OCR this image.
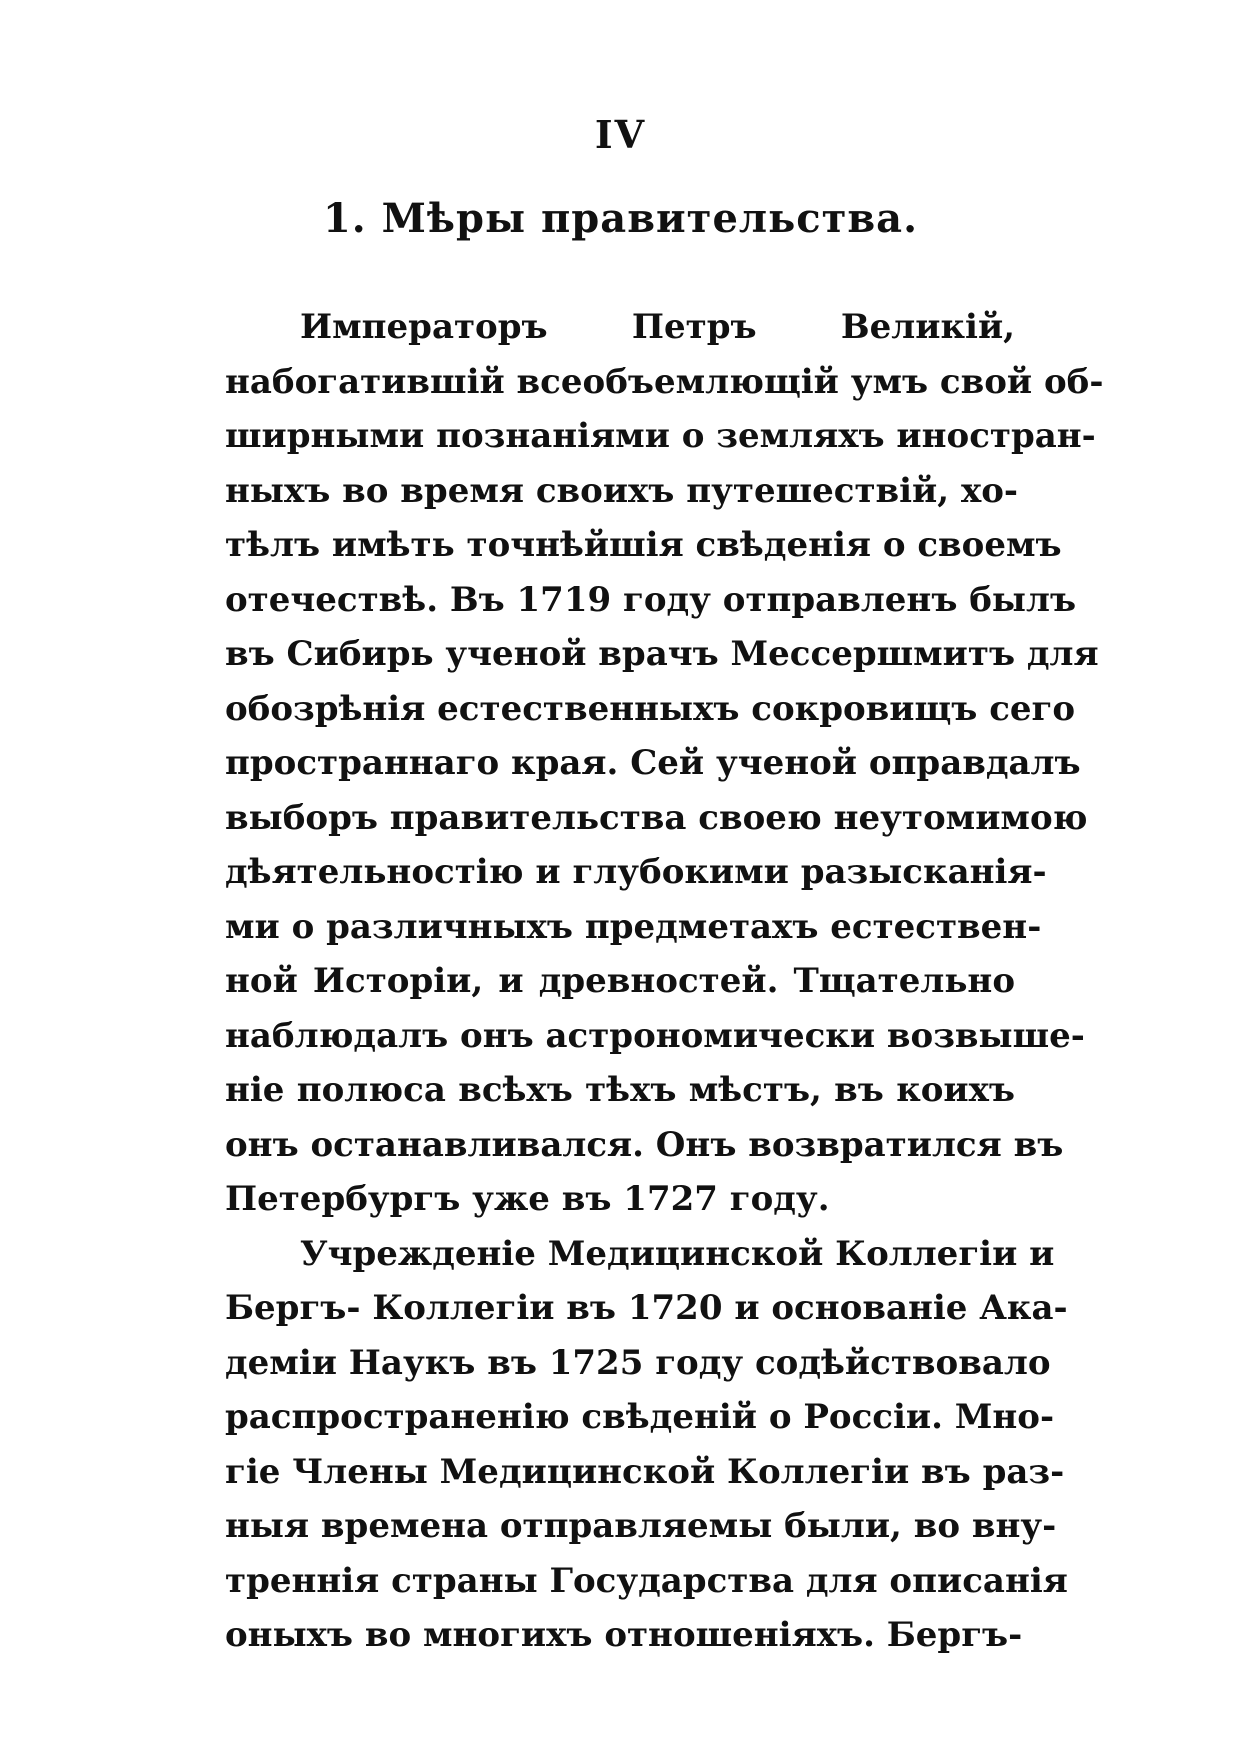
IV
1. Мѣры правительства.
Императоръ Петръ Великій,
набогатившій всеобъемлющій умъ свой об-
ширными познаніями о земляхъ иностран-
ныхъ во время своихъ путешествій, хо-
тѣлъ имѣть точнѣйшія свѣденія о своемъ
отечествѣ. Въ 1719 году отправленъ былъ
въ Сибирь ученой врачъ Мессершмитъ для
обозрѣнія естественныхъ сокровищъ сего
пространнаго края. Сей ученой оправдалъ
выборъ правительства своею неутомимою
дѣятельностію и глубокими разысканія-
ми о различныхъ предметахъ естествен-
ной Исторіи, и древностей. Тщательно
наблюдалъ онъ астрономически возвыше-
ніе полюса всѣхъ тѣхъ мѣстъ, въ коихъ
онъ останавливался. Онъ возвратился въ
Петербургъ уже въ 1727 году.
Учрежденіе Медицинской Коллегіи и
Бергъ- Коллегіи въ 1720 и основаніе Ака-
деміи Наукъ въ 1725 году содѣйствовало
распространенію свѣденій о Россіи. Мно-
гіе Члены Медицинской Коллегіи въ раз-
ныя времена отправляемы были, во вну-
треннія страны Государства для описанія
оныхъ во многихъ отношеніяхъ. Бергъ-
